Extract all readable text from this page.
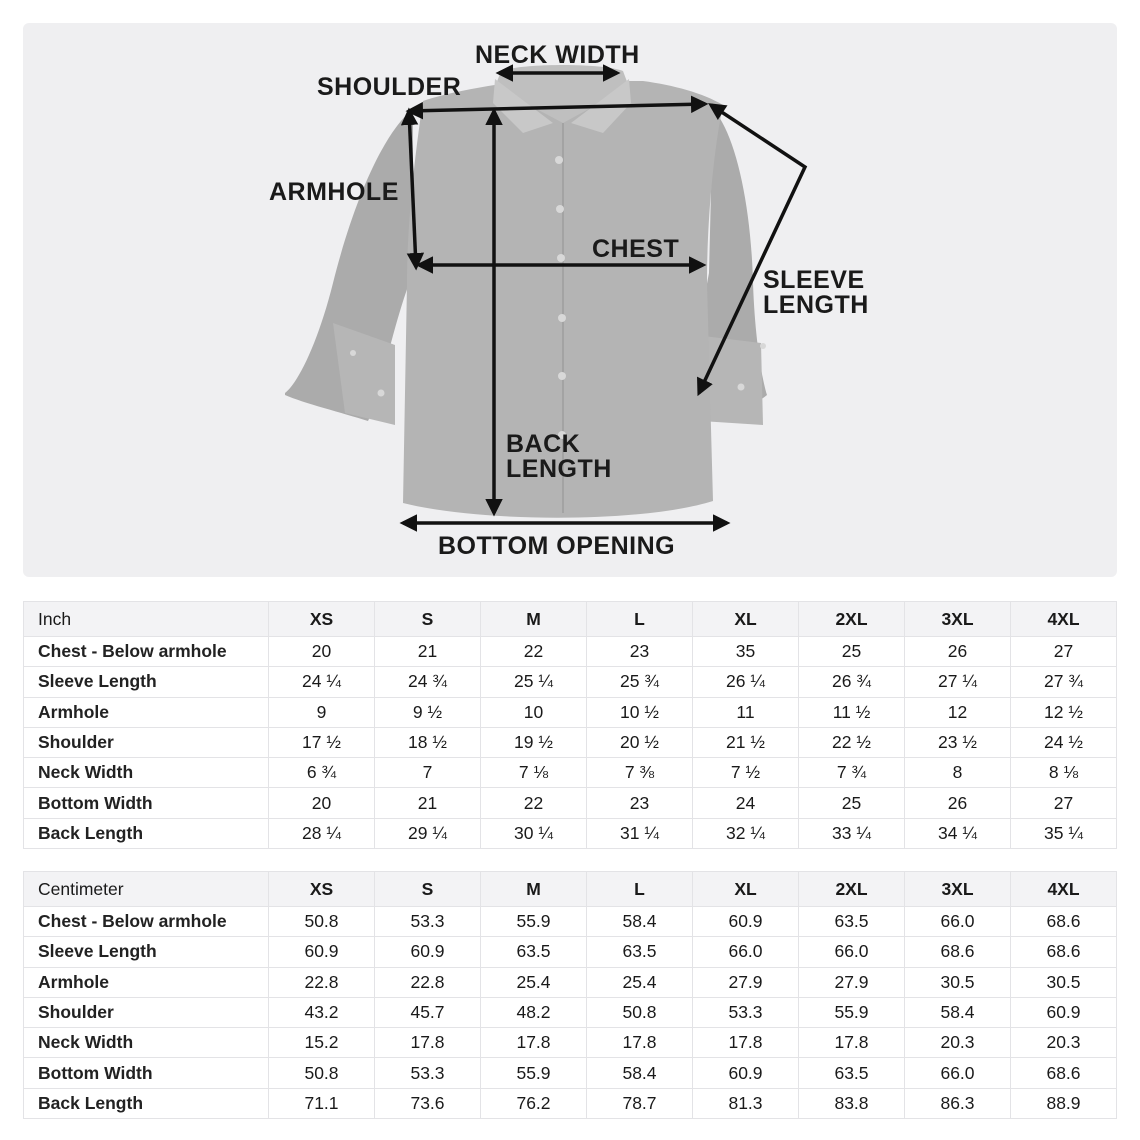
NECK WIDTH
SHOULDER
ARMHOLE
CHEST
SLEEVE
LENGTH
BACK
LENGTH
BOTTOM OPENING
Inch	XS	S	M	L	XL	2XL	3XL	4XL
Chest - Below armhole	20	21	22	23	35	25	26	27
Sleeve Length	24 ¼	24 ¾	25 ¼	25 ¾	26 ¼	26 ¾	27 ¼	27 ¾
Armhole	9	9 ½	10	10 ½	11	11 ½	12	12 ½
Shoulder	17 ½	18 ½	19 ½	20 ½	21 ½	22 ½	23 ½	24 ½
Neck Width	6 ¾	7	7 ⅛	7 ⅜	7 ½	7 ¾	8	8 ⅛
Bottom Width	20	21	22	23	24	25	26	27
Back Length	28 ¼	29 ¼	30 ¼	31 ¼	32 ¼	33 ¼	34 ¼	35 ¼
Centimeter	XS	S	M	L	XL	2XL	3XL	4XL
Chest - Below armhole	50.8	53.3	55.9	58.4	60.9	63.5	66.0	68.6
Sleeve Length	60.9	60.9	63.5	63.5	66.0	66.0	68.6	68.6
Armhole	22.8	22.8	25.4	25.4	27.9	27.9	30.5	30.5
Shoulder	43.2	45.7	48.2	50.8	53.3	55.9	58.4	60.9
Neck Width	15.2	17.8	17.8	17.8	17.8	17.8	20.3	20.3
Bottom Width	50.8	53.3	55.9	58.4	60.9	63.5	66.0	68.6
Back Length	71.1	73.6	76.2	78.7	81.3	83.8	86.3	88.9
